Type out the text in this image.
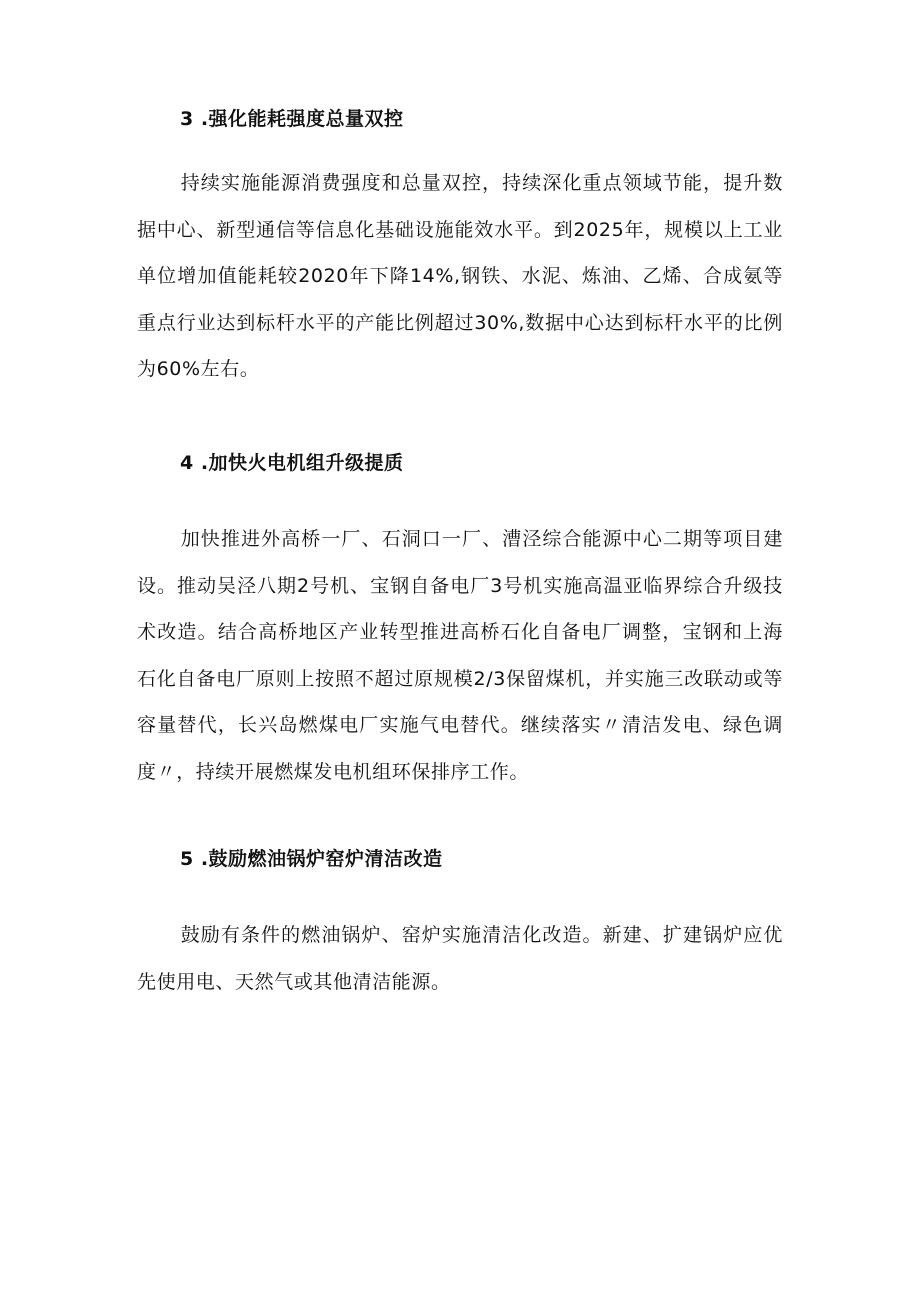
3 .强化能耗强度总量双控
持续实施能源消费强度和总量双控，持续深化重点领域节能，提升数据中心、新型通信等信息化基础设施能效水平。到2025年，规模以上工业单位增加值能耗较2020年下降14%,钢铁、水泥、炼油、乙烯、合成氨等重点行业达到标杆水平的产能比例超过30%,数据中心达到标杆水平的比例为60%左右。
4 .加快火电机组升级提质
加快推进外高桥一厂、石洞口一厂、漕泾综合能源中心二期等项目建设。推动吴泾八期2号机、宝钢自备电厂3号机实施高温亚临界综合升级技术改造。结合高桥地区产业转型推进高桥石化自备电厂调整，宝钢和上海石化自备电厂原则上按照不超过原规模2/3保留煤机，并实施三改联动或等容量替代，长兴岛燃煤电厂实施气电替代。继续落实〃清洁发电、绿色调度〃，持续开展燃煤发电机组环保排序工作。
5 .鼓励燃油锅炉窑炉清洁改造
鼓励有条件的燃油锅炉、窑炉实施清洁化改造。新建、扩建锅炉应优先使用电、天然气或其他清洁能源。
